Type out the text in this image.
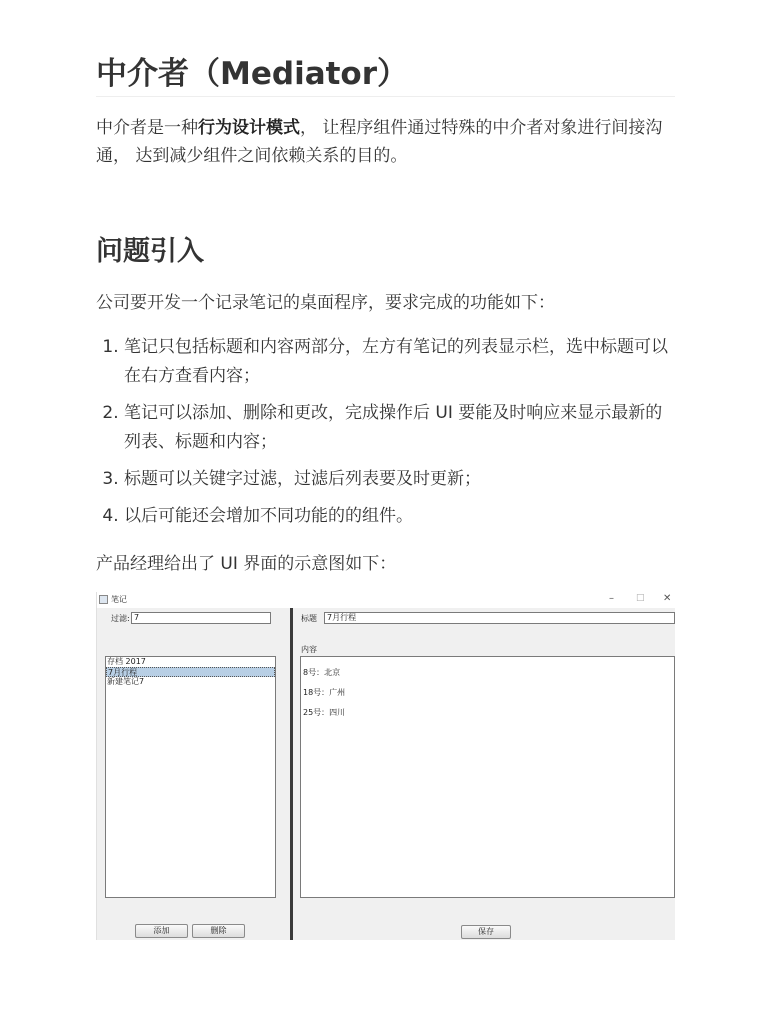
中介者（Mediator）

中介者是一种行为设计模式， 让程序组件通过特殊的中介者对象进行间接沟通， 达到减少组件之间依赖关系的目的。

问题引入

公司要开发一个记录笔记的桌面程序，要求完成的功能如下：

1. 笔记只包括标题和内容两部分，左方有笔记的列表显示栏，选中标题可以在右方查看内容；
2. 笔记可以添加、删除和更改，完成操作后 UI 要能及时响应来显示最新的列表、标题和内容；
3. 标题可以关键字过滤，过滤后列表要及时更新；
4. 以后可能还会增加不同功能的的组件。

产品经理给出了 UI 界面的示意图如下：

笔记	– □ ✕
过滤: 7
存档 2017
7月行程
新建笔记7
添加	删除
标题	7月行程
内容
8号：北京
18号：广州
25号：四川
保存
